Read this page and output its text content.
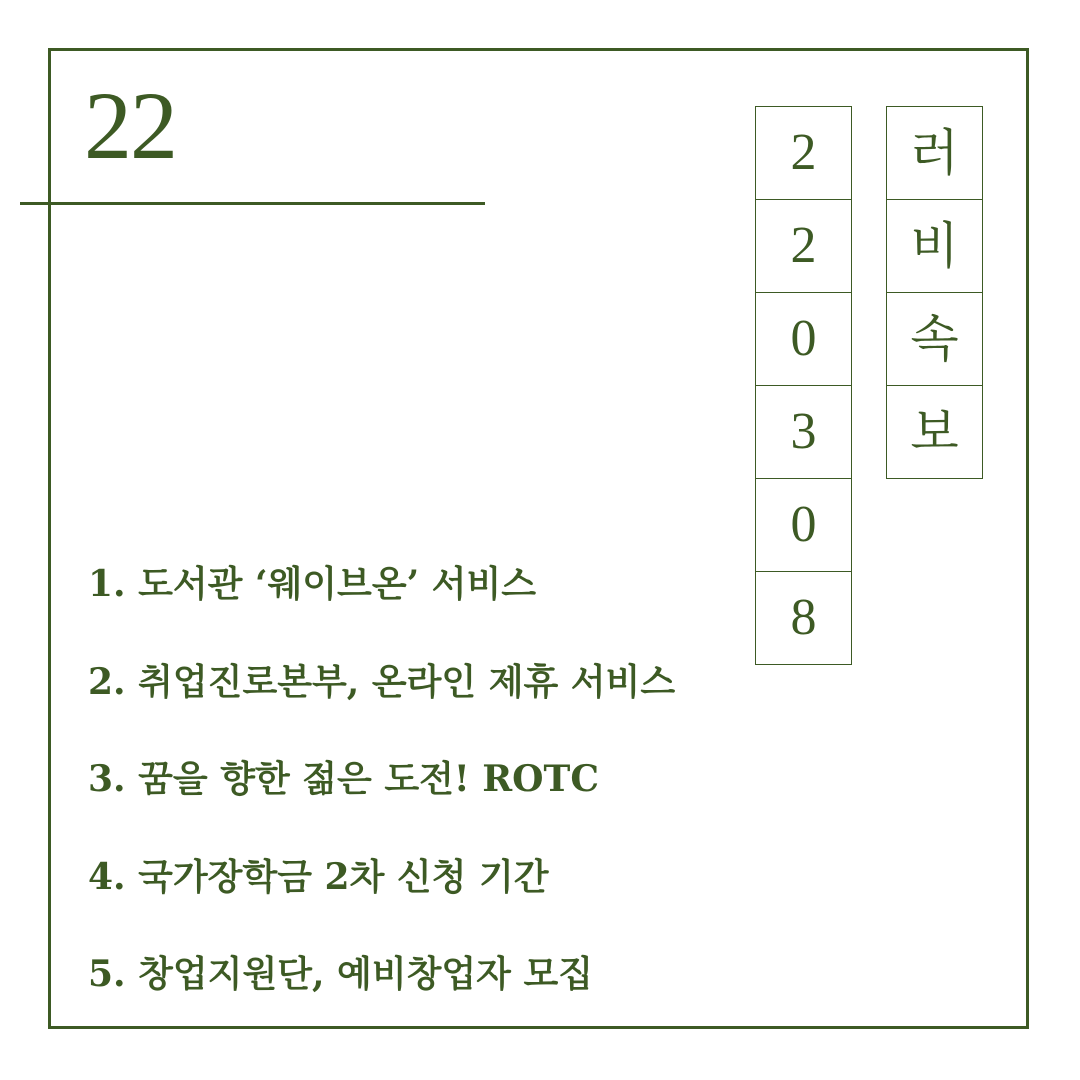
22	2
2
0
3
0
8
러
비
속
보
1. 도서관 ‘웨이브온’ 서비스
2. 취업진로본부, 온라인 제휴 서비스
3. 꿈을 향한 젊은 도전! ROTC
4. 국가장학금 2차 신청 기간
5. 창업지원단, 예비창업자 모집
